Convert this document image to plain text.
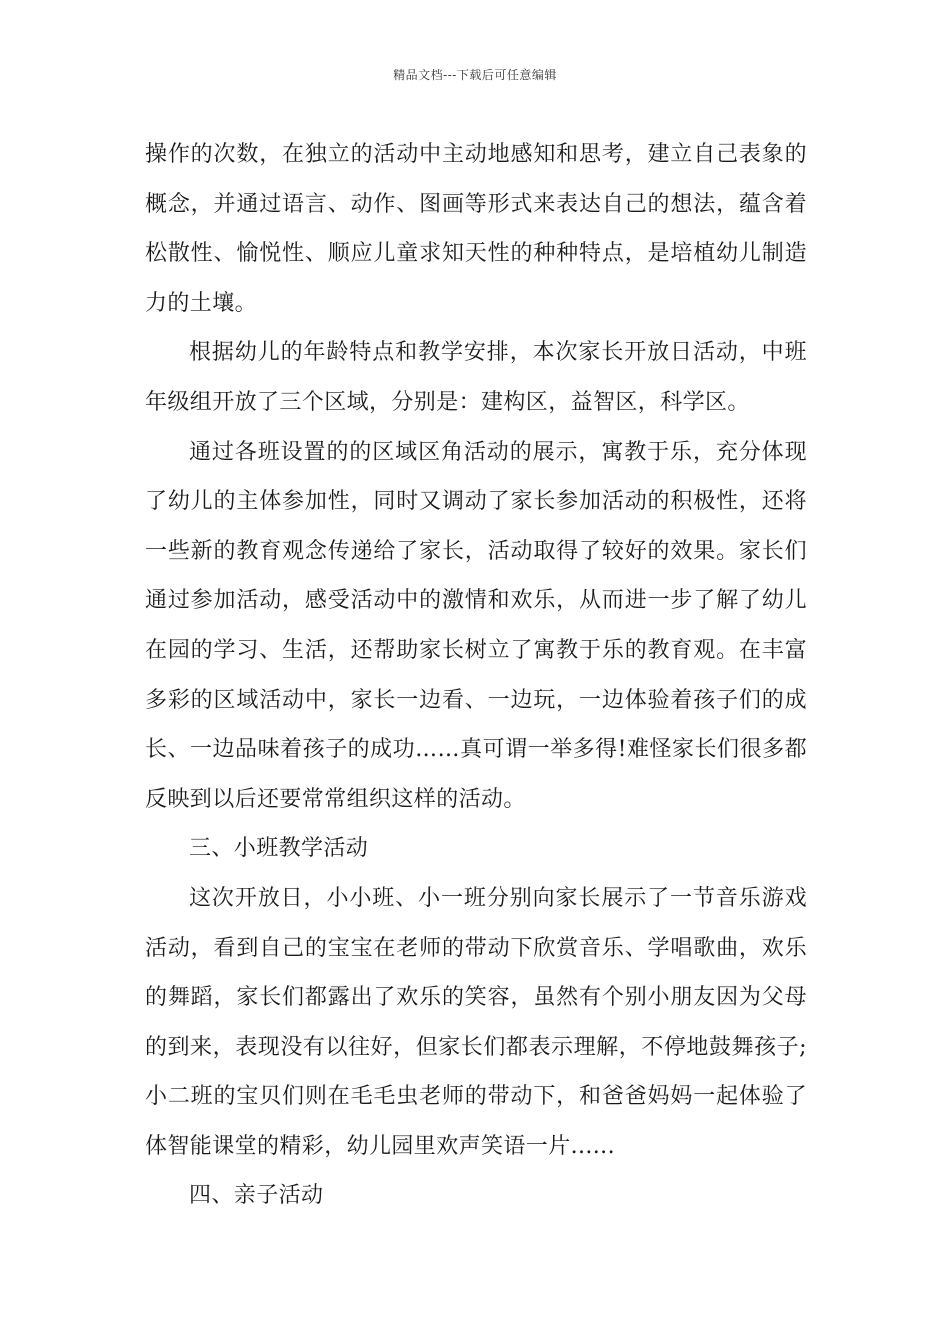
精品文档---下载后可任意编辑

操作的次数，在独立的活动中主动地感知和思考，建立自己表象的概念，并通过语言、动作、图画等形式来表达自己的想法，蕴含着松散性、愉悦性、顺应儿童求知天性的种种特点，是培植幼儿制造力的土壤。

根据幼儿的年龄特点和教学安排，本次家长开放日活动，中班年级组开放了三个区域，分别是：建构区，益智区，科学区。

通过各班设置的的区域区角活动的展示，寓教于乐，充分体现了幼儿的主体参加性，同时又调动了家长参加活动的积极性，还将一些新的教育观念传递给了家长，活动取得了较好的效果。家长们通过参加活动，感受活动中的激情和欢乐，从而进一步了解了幼儿在园的学习、生活，还帮助家长树立了寓教于乐的教育观。在丰富多彩的区域活动中，家长一边看、一边玩，一边体验着孩子们的成长、一边品味着孩子的成功……真可谓一举多得!难怪家长们很多都反映到以后还要常常组织这样的活动。

三、小班教学活动

这次开放日，小小班、小一班分别向家长展示了一节音乐游戏活动，看到自己的宝宝在老师的带动下欣赏音乐、学唱歌曲，欢乐的舞蹈，家长们都露出了欢乐的笑容，虽然有个别小朋友因为父母的到来，表现没有以往好，但家长们都表示理解，不停地鼓舞孩子;小二班的宝贝们则在毛毛虫老师的带动下，和爸爸妈妈一起体验了体智能课堂的精彩，幼儿园里欢声笑语一片......

四、亲子活动
